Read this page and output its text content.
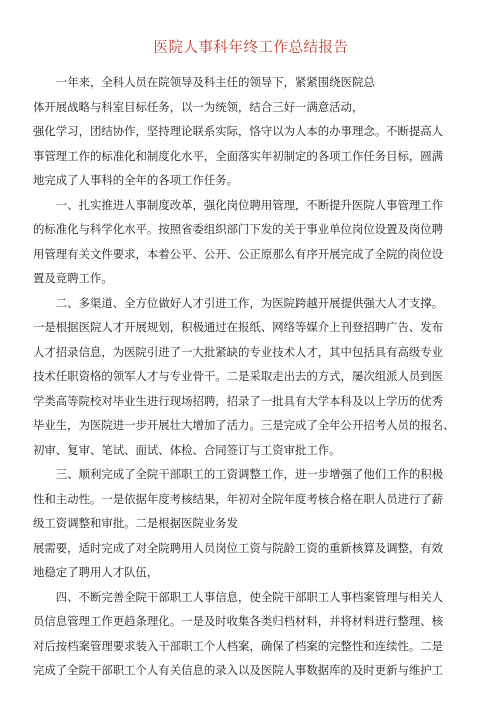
医院人事科年终工作总结报告
一年来，全科人员在院领导及科主任的领导下，紧紧围绕医院总
体开展战略与科室目标任务，以一为统领，结合三好一满意活动，
强化学习，团结协作，坚持理论联系实际，恪守以为人本的办事理念。不断提高人
事管理工作的标准化和制度化水平，全面落实年初制定的各项工作任务目标，圆满
地完成了人事科的全年的各项工作任务。
一、扎实推进人事制度改革，强化岗位聘用管理，不断提升医院人事管理工作
的标准化与科学化水平。按照省委组织部门下发的关于事业单位岗位设置及岗位聘
用管理有关文件要求，本着公平、公开、公正原那么有序开展完成了全院的岗位设
置及竞聘工作。
二、多渠道、全方位做好人才引进工作，为医院跨越开展提供强大人才支撑。
一是根据医院人才开展规划，积极通过在报纸、网络等媒介上刊登招聘广告、发布
人才招录信息，为医院引进了一大批紧缺的专业技术人才，其中包括具有高级专业
技术任职资格的领军人才与专业骨干。二是采取走出去的方式，屡次组派人员到医
学类高等院校对毕业生进行现场招聘，招录了一批具有大学本科及以上学历的优秀
毕业生，为医院进一步开展壮大增加了活力。三是完成了全年公开招考人员的报名、
初审、复审、笔试、面试、体检、合同签订与工资审批工作。
三、顺利完成了全院干部职工的工资调整工作，进一步增强了他们工作的积极
性和主动性。一是依据年度考核结果，年初对全院年度考核合格在职人员进行了薪
级工资调整和审批。二是根据医院业务发
展需要，适时完成了对全院聘用人员岗位工资与院龄工资的重新核算及调整，有效
地稳定了聘用人才队伍，
四、不断完善全院干部职工人事信息，使全院干部职工人事档案管理与相关人
员信息管理工作更趋条理化。一是及时收集各类归档材料，并将材料进行整理、核
对后按档案管理要求装入干部职工个人档案，确保了档案的完整性和连续性。二是
完成了全院干部职工个人有关信息的录入以及医院人事数据库的及时更新与维护工
